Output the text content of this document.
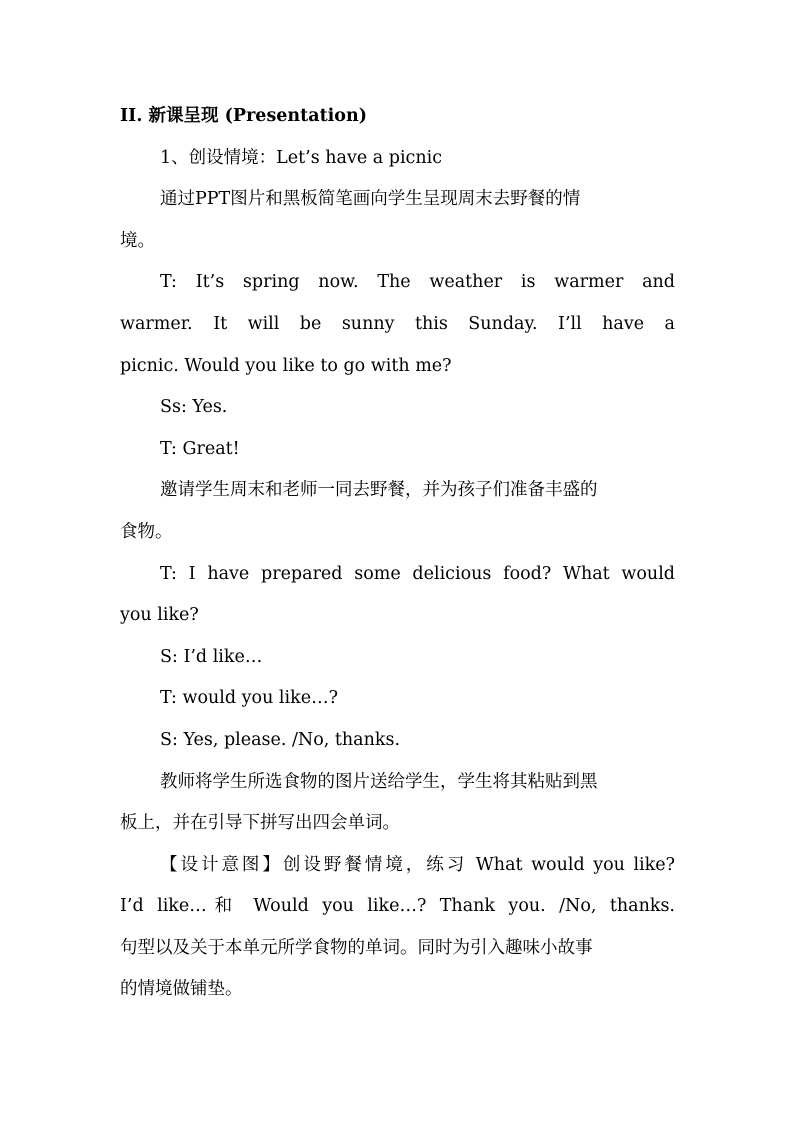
II. 新课呈现 (Presentation)

1、创设情境：Let’s have a picnic

通过PPT图片和黑板简笔画向学生呈现周末去野餐的情

境。

T: It’s spring now. The weather is warmer and

warmer. It will be sunny this Sunday. I’ll have a

picnic. Would you like to go with me?

Ss: Yes.

T: Great!

邀请学生周末和老师一同去野餐，并为孩子们准备丰盛的

食物。

T: I have prepared some delicious food? What would

you like?

S: I’d like…

T: would you like…?

S: Yes, please. /No, thanks.

教师将学生所选食物的图片送给学生，学生将其粘贴到黑

板上，并在引导下拼写出四会单词。

【设计意图】创设野餐情境，练习 What would you like?

I’d like…和 Would you like…? Thank you. /No, thanks.

句型以及关于本单元所学食物的单词。同时为引入趣味小故事

的情境做铺垫。
